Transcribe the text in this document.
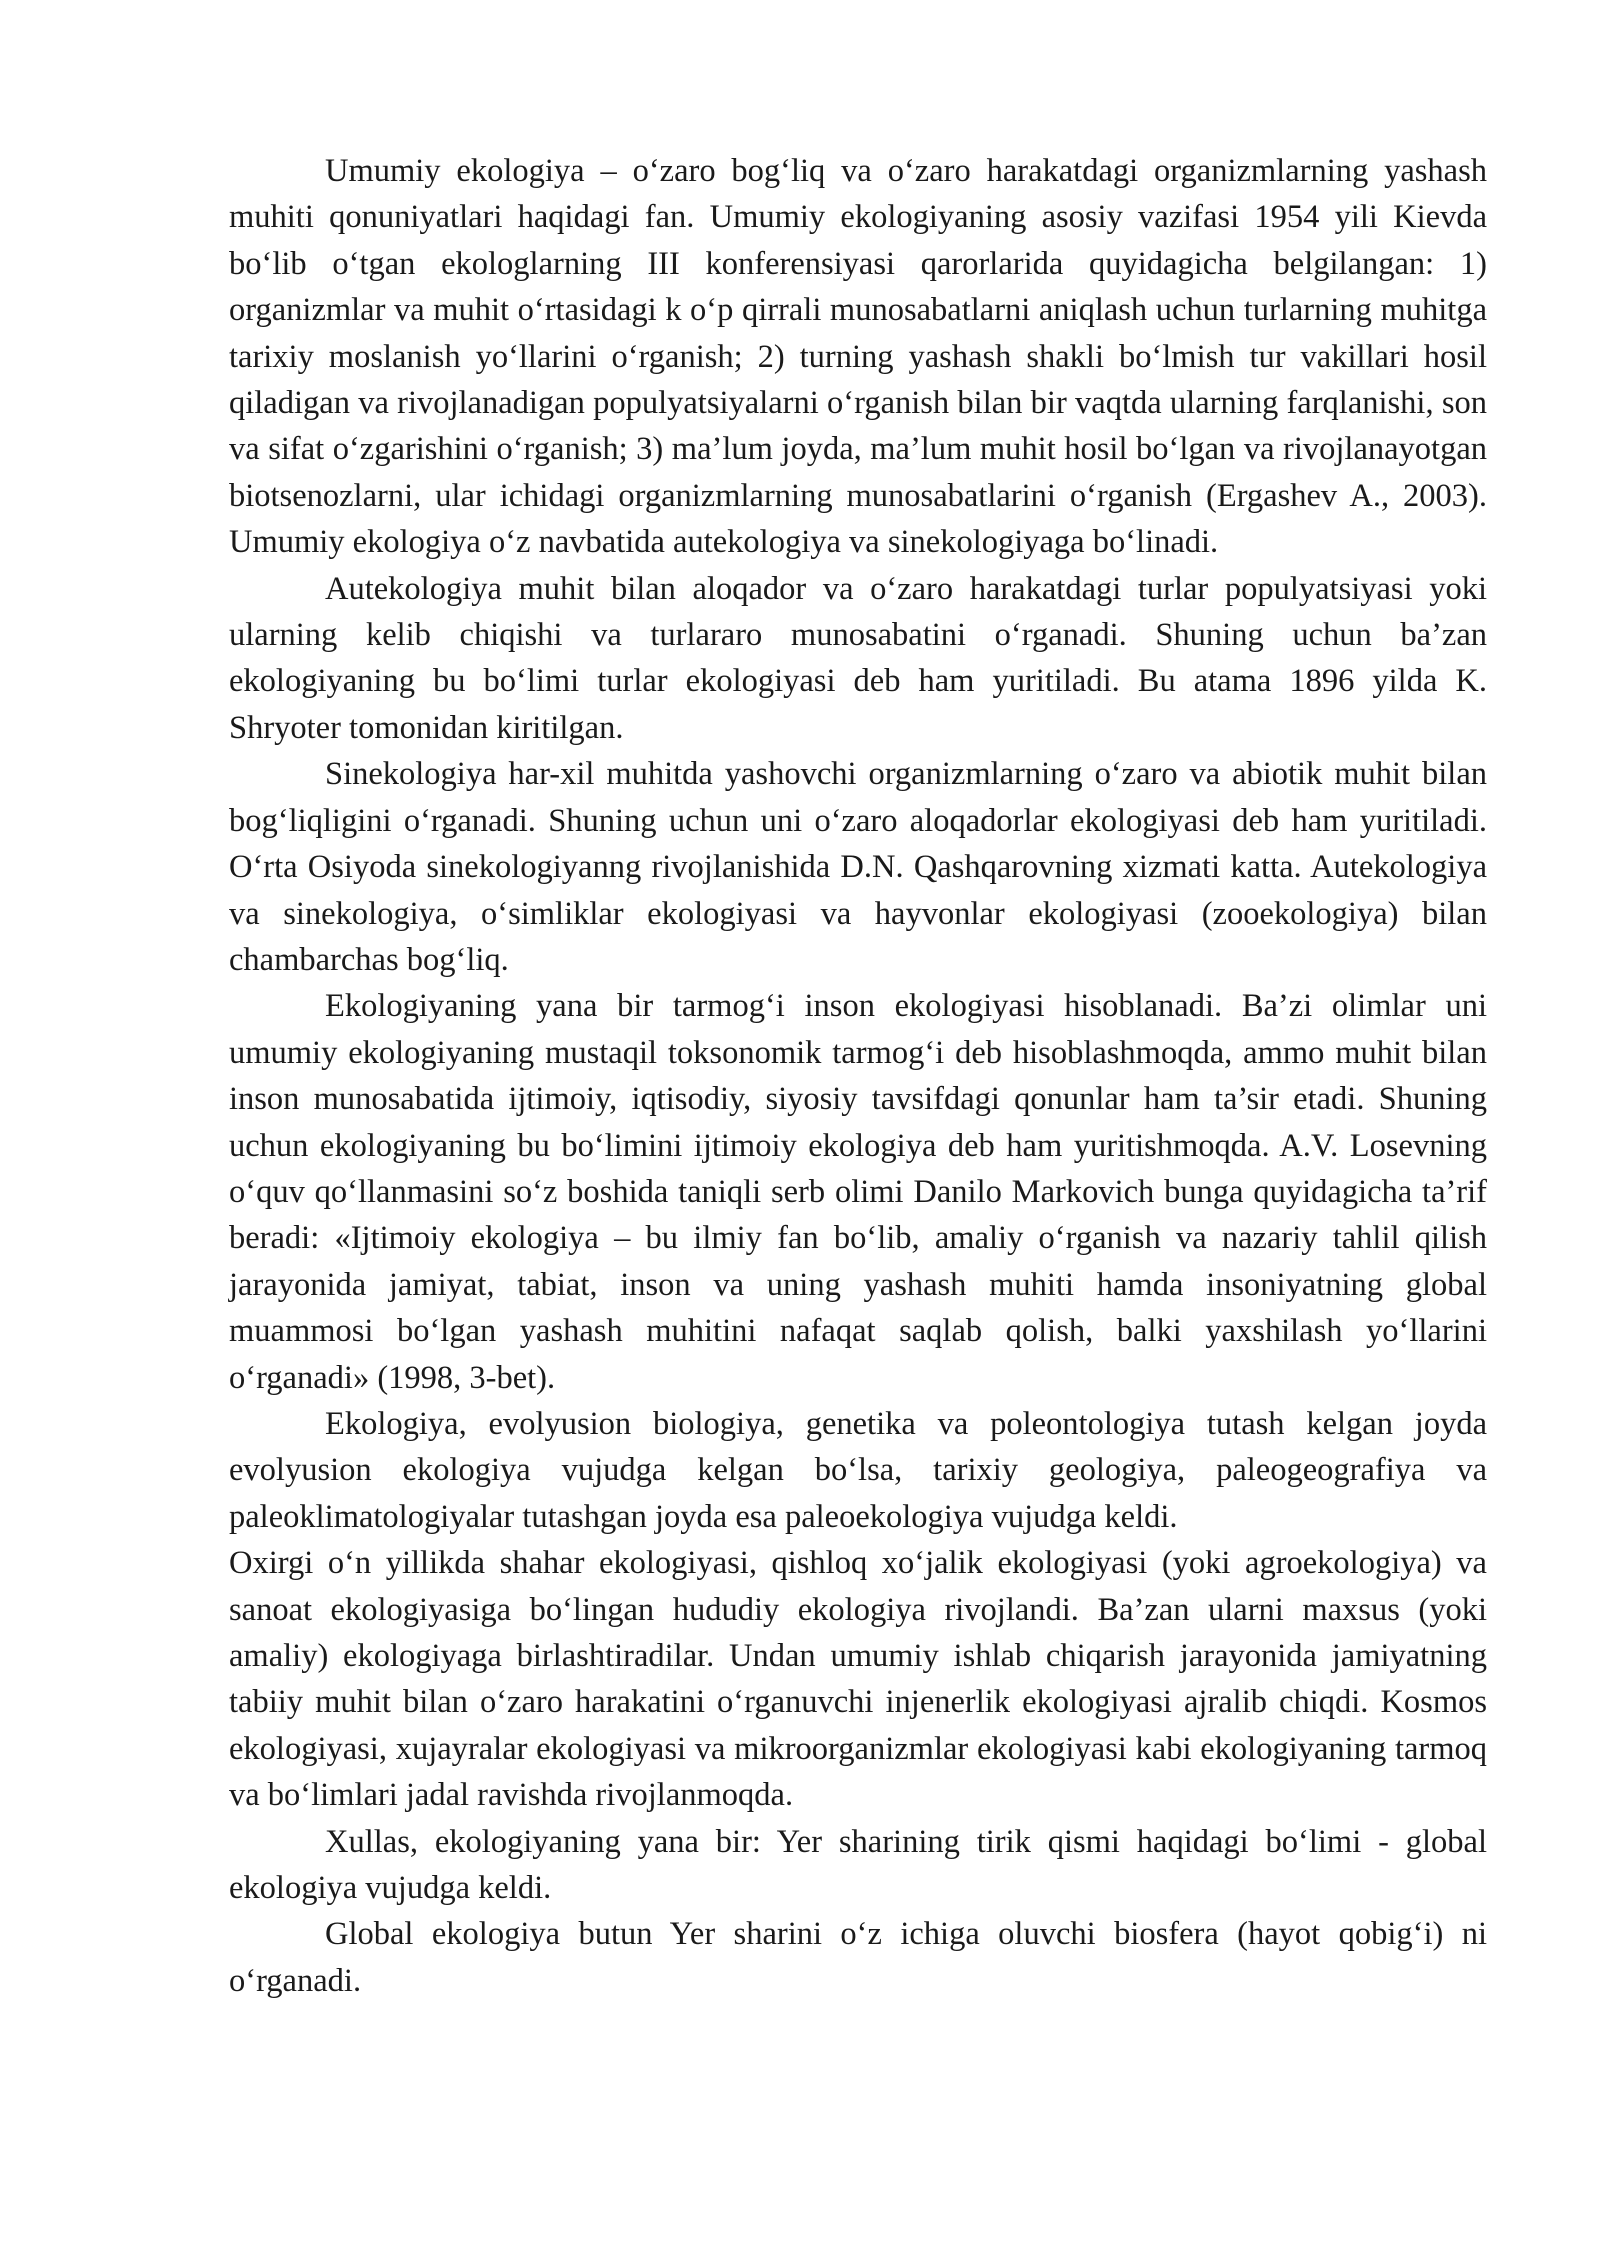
Umumiy ekologiya – oʻzaro bogʻliq va oʻzaro harakatdagi organizmlarning yashash muhiti qonuniyatlari haqidagi fan. Umumiy ekologiyaning asosiy vazifasi 1954 yili Kievda boʻlib oʻtgan ekologlarning III konferensiyasi qarorlarida quyidagicha belgilangan: 1) organizmlar va muhit oʻrtasidagi k oʻp qirrali munosabatlarni aniqlash uchun turlarning muhitga tarixiy moslanish yoʻllarini oʻrganish; 2) turning yashash shakli boʻlmish tur vakillari hosil qiladigan va rivojlanadigan populyatsiyalarni oʻrganish bilan bir vaqtda ularning farqlanishi, son va sifat oʻzgarishini oʻrganish; 3) ma’lum joyda, ma’lum muhit hosil boʻlgan va rivojlanayotgan biotsenozlarni, ular ichidagi organizmlarning munosabatlarini oʻrganish (Ergashev A., 2003). Umumiy ekologiya oʻz navbatida autekologiya va sinekologiyaga boʻlinadi.

Autekologiya muhit bilan aloqador va oʻzaro harakatdagi turlar populyatsiyasi yoki ularning kelib chiqishi va turlararo munosabatini oʻrganadi. Shuning uchun ba’zan ekologiyaning bu boʻlimi turlar ekologiyasi deb ham yuritiladi. Bu atama 1896 yilda K. Shryoter tomonidan kiritilgan.

Sinekologiya har-xil muhitda yashovchi organizmlarning oʻzaro va abiotik muhit bilan bogʻliqligini oʻrganadi. Shuning uchun uni oʻzaro aloqadorlar ekologiyasi deb ham yuritiladi. Oʻrta Osiyoda sinekologiyanng rivojlanishida D.N. Qashqarovning xizmati katta. Autekologiya va sinekologiya, oʻsimliklar ekologiyasi va hayvonlar ekologiyasi (zooekologiya) bilan chambarchas bogʻliq.

Ekologiyaning yana bir tarmogʻi inson ekologiyasi hisoblanadi. Ba’zi olimlar uni umumiy ekologiyaning mustaqil toksonomik tarmogʻi deb hisoblashmoqda, ammo muhit bilan inson munosabatida ijtimoiy, iqtisodiy, siyosiy tavsifdagi qonunlar ham ta’sir etadi. Shuning uchun ekologiyaning bu boʻlimini ijtimoiy ekologiya deb ham yuritishmoqda. A.V. Losevning oʻquv qoʻllanmasini soʻz boshida taniqli serb olimi Danilo Markovich bunga quyidagicha ta’rif beradi: «Ijtimoiy ekologiya – bu ilmiy fan boʻlib, amaliy oʻrganish va nazariy tahlil qilish jarayonida jamiyat, tabiat, inson va uning yashash muhiti hamda insoniyatning global muammosi boʻlgan yashash muhitini nafaqat saqlab qolish, balki yaxshilash yoʻllarini oʻrganadi» (1998, 3-bet).

Ekologiya, evolyusion biologiya, genetika va poleontologiya tutash kelgan joyda evolyusion ekologiya vujudga kelgan boʻlsa, tarixiy geologiya, paleogeografiya va paleoklimatologiyalar tutashgan joyda esa paleoekologiya vujudga keldi.

Oxirgi oʻn yillikda shahar ekologiyasi, qishloq xoʻjalik ekologiyasi (yoki agroekologiya) va sanoat ekologiyasiga boʻlingan hududiy ekologiya rivojlandi. Ba’zan ularni maxsus (yoki amaliy) ekologiyaga birlashtiradilar. Undan umumiy ishlab chiqarish jarayonida jamiyatning tabiiy muhit bilan oʻzaro harakatini oʻrganuvchi injenerlik ekologiyasi ajralib chiqdi. Kosmos ekologiyasi, xujayralar ekologiyasi va mikroorganizmlar ekologiyasi kabi ekologiyaning tarmoq va boʻlimlari jadal ravishda rivojlanmoqda.

Xullas, ekologiyaning yana bir: Yer sharining tirik qismi haqidagi boʻlimi - global ekologiya vujudga keldi.

Global ekologiya butun Yer sharini oʻz ichiga oluvchi biosfera (hayot qobigʻi) ni oʻrganadi.
